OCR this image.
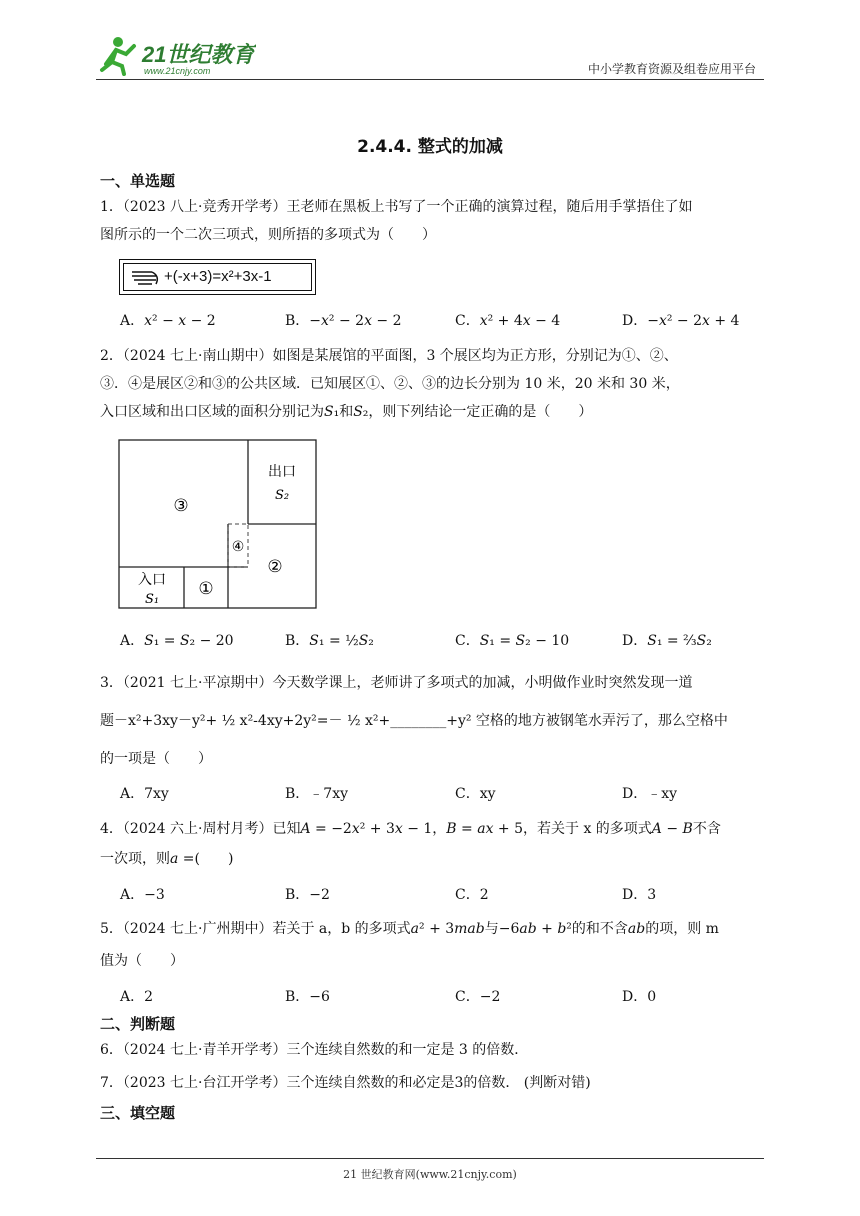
21世纪教育
www.21cnjy.com	中小学教育资源及组卷应用平台
2.4.4. 整式的加减
一、单选题
1．（2023 八上·竞秀开学考）王老师在黑板上书写了一个正确的演算过程，随后用手掌捂住了如
图所示的一个二次三项式，则所捂的多项式为（　　）
+(-x+3)=x²+3x-1
A．𝑥² − 𝑥 − 2	B．−𝑥² − 2𝑥 − 2	C．𝑥² + 4𝑥 − 4	D．−𝑥² − 2𝑥 + 4
2．（2024 七上·南山期中）如图是某展馆的平面图，3 个展区均为正方形，分别记为①、②、
③．④是展区②和③的公共区域．已知展区①、②、③的边长分别为 10 米，20 米和 30 米，
入口区域和出口区域的面积分别记为𝑆₁和𝑆₂，则下列结论一定正确的是（　　）
出口
S₂
③
④
②
入口
S₁
①
A．𝑆₁ = 𝑆₂ − 20	B．𝑆₁ = ½𝑆₂	C．𝑆₁ = 𝑆₂ − 10	D．𝑆₁ = ⅔𝑆₂
3．（2021 七上·平凉期中）今天数学课上，老师讲了多项式的加减，小明做作业时突然发现一道
题－x²+3xy－y²+ ½ x²-4xy+2y²=－ ½ x²+________+y² 空格的地方被钢笔水弄污了，那么空格中
的一项是（　　）
A．7xy	B．﹣7xy	C．xy	D．﹣xy
4．（2024 六上·周村月考）已知𝐴 = −2𝑥² + 3𝑥 − 1，𝐵 = 𝑎𝑥 + 5，若关于 x 的多项式𝐴 − 𝐵不含
一次项，则𝑎 =(　　)
A．−3	B．−2	C．2	D．3
5．（2024 七上·广州期中）若关于 a，b 的多项式𝑎² + 3𝑚𝑎𝑏与−6𝑎𝑏 + 𝑏²的和不含𝑎𝑏的项，则 m
值为（　　）
A．2	B．−6	C．−2	D．0
二、判断题
6．（2024 七上·青羊开学考）三个连续自然数的和一定是 3 的倍数．
7．（2023 七上·台江开学考）三个连续自然数的和必定是3的倍数． (判断对错)
三、填空题
21 世纪教育网(www.21cnjy.com)
